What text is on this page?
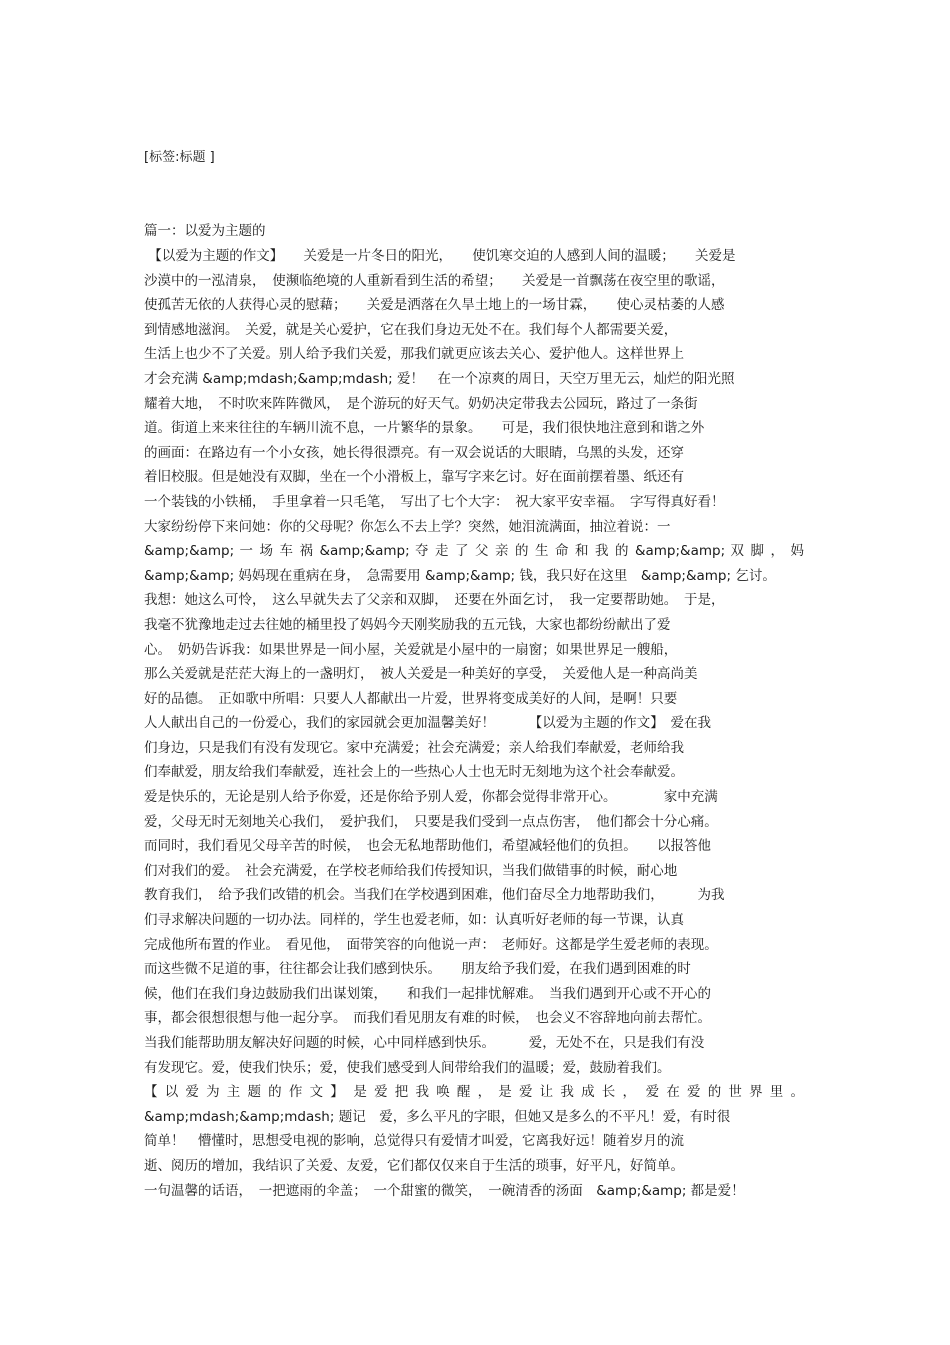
[标签:标题 ]
篇一：以爱为主题的
【以爱为主题的作文】　　关爱是一片冬日的阳光，　　使饥寒交迫的人感到人间的温暖；　　关爱是
沙漠中的一泓清泉，　使濒临绝境的人重新看到生活的希望；　　关爱是一首飘荡在夜空里的歌谣，
使孤苦无依的人获得心灵的慰藉；　　关爱是洒落在久旱土地上的一场甘霖，　　使心灵枯萎的人感
到情感地滋润。　关爱，就是关心爱护，它在我们身边无处不在。我们每个人都需要关爱，
生活上也少不了关爱。别人给予我们关爱，那我们就更应该去关心、爱护他人。这样世界上
才会充满 &amp;mdash;&amp;mdash; 爱！　在一个凉爽的周日，天空万里无云，灿烂的阳光照
耀着大地，　不时吹来阵阵微风，　是个游玩的好天气。奶奶决定带我去公园玩，路过了一条街
道。街道上来来往往的车辆川流不息，一片繁华的景象。　　可是，我们很快地注意到和谐之外
的画面：在路边有一个小女孩，她长得很漂亮。有一双会说话的大眼睛，乌黑的头发，还穿
着旧校服。但是她没有双脚，坐在一个小滑板上，靠写字来乞讨。好在面前摆着墨、纸还有
一个装钱的小铁桶，　手里拿着一只毛笔，　写出了七个大字：　祝大家平安幸福。　字写得真好看！
大家纷纷停下来问她：你的父母呢？你怎么不去上学？突然，她泪流满面，抽泣着说：一
&amp;&amp; 一 场 车 祸 &amp;&amp; 夺 走 了 父 亲 的 生 命 和 我 的 &amp;&amp; 双 脚 ， 妈
&amp;&amp; 妈妈现在重病在身，　急需要用 &amp;&amp; 钱，我只好在这里　&amp;&amp; 乞讨。
我想：她这么可怜，　这么早就失去了父亲和双脚，　还要在外面乞讨，　我一定要帮助她。　于是，
我毫不犹豫地走过去往她的桶里投了妈妈今天刚奖励我的五元钱，大家也都纷纷献出了爱
心。　奶奶告诉我：如果世界是一间小屋，关爱就是小屋中的一扇窗；如果世界足一艘船，
那么关爱就是茫茫大海上的一盏明灯，　被人关爱是一种美好的享受，　关爱他人是一种高尚美
好的品德。　正如歌中所唱：只要人人都献出一片爱，世界将变成美好的人间，是啊！只要
人人献出自己的一份爱心，我们的家园就会更加温馨美好！　　　【以爱为主题的作文】　爱在我
们身边，只是我们有没有发现它。家中充满爱；社会充满爱；亲人给我们奉献爱，老师给我
们奉献爱，朋友给我们奉献爱，连社会上的一些热心人士也无时无刻地为这个社会奉献爱。
爱是快乐的，无论是别人给予你爱，还是你给予别人爱，你都会觉得非常开心。　　　　家中充满
爱，父母无时无刻地关心我们，　爱护我们，　只要是我们受到一点点伤害，　他们都会十分心痛。
而同时，我们看见父母辛苦的时候，　也会无私地帮助他们，希望减轻他们的负担。　　以报答他
们对我们的爱。　社会充满爱，在学校老师给我们传授知识，当我们做错事的时候，耐心地
教育我们，　给予我们改错的机会。当我们在学校遇到困难，他们奋尽全力地帮助我们，　　　为我
们寻求解决问题的一切办法。同样的，学生也爱老师，如：认真听好老师的每一节课，认真
完成他所布置的作业。　看见他，　面带笑容的向他说一声：　老师好。这都是学生爱老师的表现。
而这些微不足道的事，往往都会让我们感到快乐。　　朋友给予我们爱，在我们遇到困难的时
候，他们在我们身边鼓励我们出谋划策，　　和我们一起排忧解难。　当我们遇到开心或不开心的
事，都会很想很想与他一起分享。　而我们看见朋友有难的时候，　也会义不容辞地向前去帮忙。
当我们能帮助朋友解决好问题的时候，心中同样感到快乐。　　　爱，无处不在，只是我们有没
有发现它。爱，使我们快乐；爱，使我们感受到人间带给我们的温暖；爱，鼓励着我们。
【 以 爱 为 主 题 的 作 文 】　是 爱 把 我 唤 醒 ， 是 爱 让 我 成 长 ，　爱 在 爱 的 世 界 里 。
&amp;mdash;&amp;mdash; 题记　爱，多么平凡的字眼，但她又是多么的不平凡！爱，有时很
简单！　懵懂时，思想受电视的影响，总觉得只有爱情才叫爱，它离我好远！随着岁月的流
逝、阅历的增加，我结识了关爱、友爱，它们都仅仅来自于生活的琐事，好平凡，好简单。
一句温馨的话语，　一把遮雨的伞盖；　一个甜蜜的微笑，　一碗清香的汤面　&amp;&amp; 都是爱！
